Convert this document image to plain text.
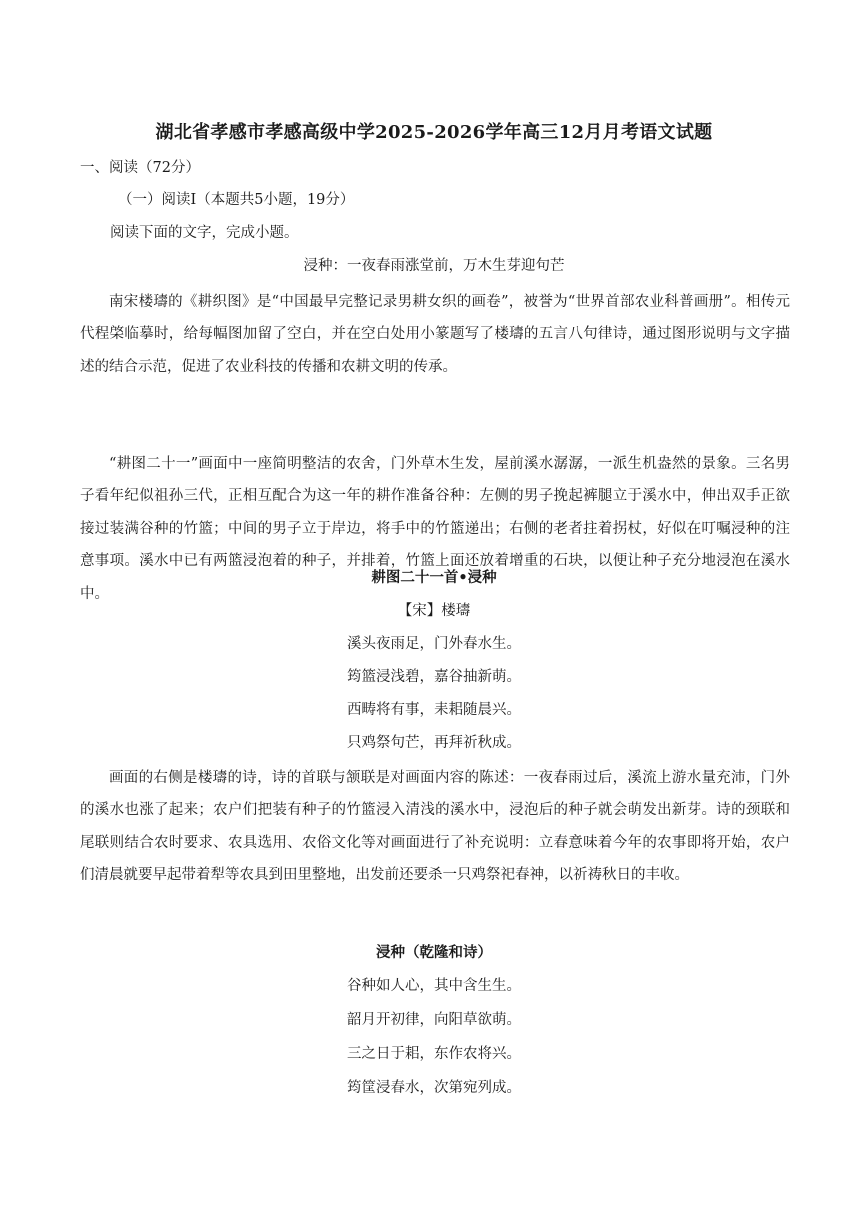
湖北省孝感市孝感高级中学2025-2026学年高三12月月考语文试题
一、阅读（72分）
（一）阅读I（本题共5小题，19分）
阅读下面的文字，完成小题。
浸种：一夜春雨涨堂前，万木生芽迎句芒

南宋楼璹的《耕织图》是“中国最早完整记录男耕女织的画卷”，被誉为“世界首部农业科普画册”。相传元代程棨临摹时，给每幅图加留了空白，并在空白处用小篆题写了楼璹的五言八句律诗，通过图形说明与文字描述的结合示范，促进了农业科技的传播和农耕文明的传承。

“耕图二十一”画面中一座简明整洁的农舍，门外草木生发，屋前溪水潺潺，一派生机盎然的景象。三名男子看年纪似祖孙三代，正相互配合为这一年的耕作准备谷种：左侧的男子挽起裤腿立于溪水中，伸出双手正欲接过装满谷种的竹篮；中间的男子立于岸边，将手中的竹篮递出；右侧的老者拄着拐杖，好似在叮嘱浸种的注意事项。溪水中已有两篮浸泡着的种子，并排着，竹篮上面还放着增重的石块，以便让种子充分地浸泡在溪水中。

耕图二十一首•浸种
【宋】楼璹
溪头夜雨足，门外春水生。
筠篮浸浅碧，嘉谷抽新萌。
西畴将有事，耒耜随晨兴。
只鸡祭句芒，再拜祈秋成。

画面的右侧是楼璹的诗，诗的首联与颔联是对画面内容的陈述：一夜春雨过后，溪流上游水量充沛，门外的溪水也涨了起来；农户们把装有种子的竹篮浸入清浅的溪水中，浸泡后的种子就会萌发出新芽。诗的颈联和尾联则结合农时要求、农具选用、农俗文化等对画面进行了补充说明：立春意味着今年的农事即将开始，农户们清晨就要早起带着犁等农具到田里整地，出发前还要杀一只鸡祭祀春神，以祈祷秋日的丰收。

浸种（乾隆和诗）
谷种如人心，其中含生生。
韶月开初律，向阳草欲萌。
三之日于耜，东作农将兴。
筠筐浸春水，次第宛列成。
